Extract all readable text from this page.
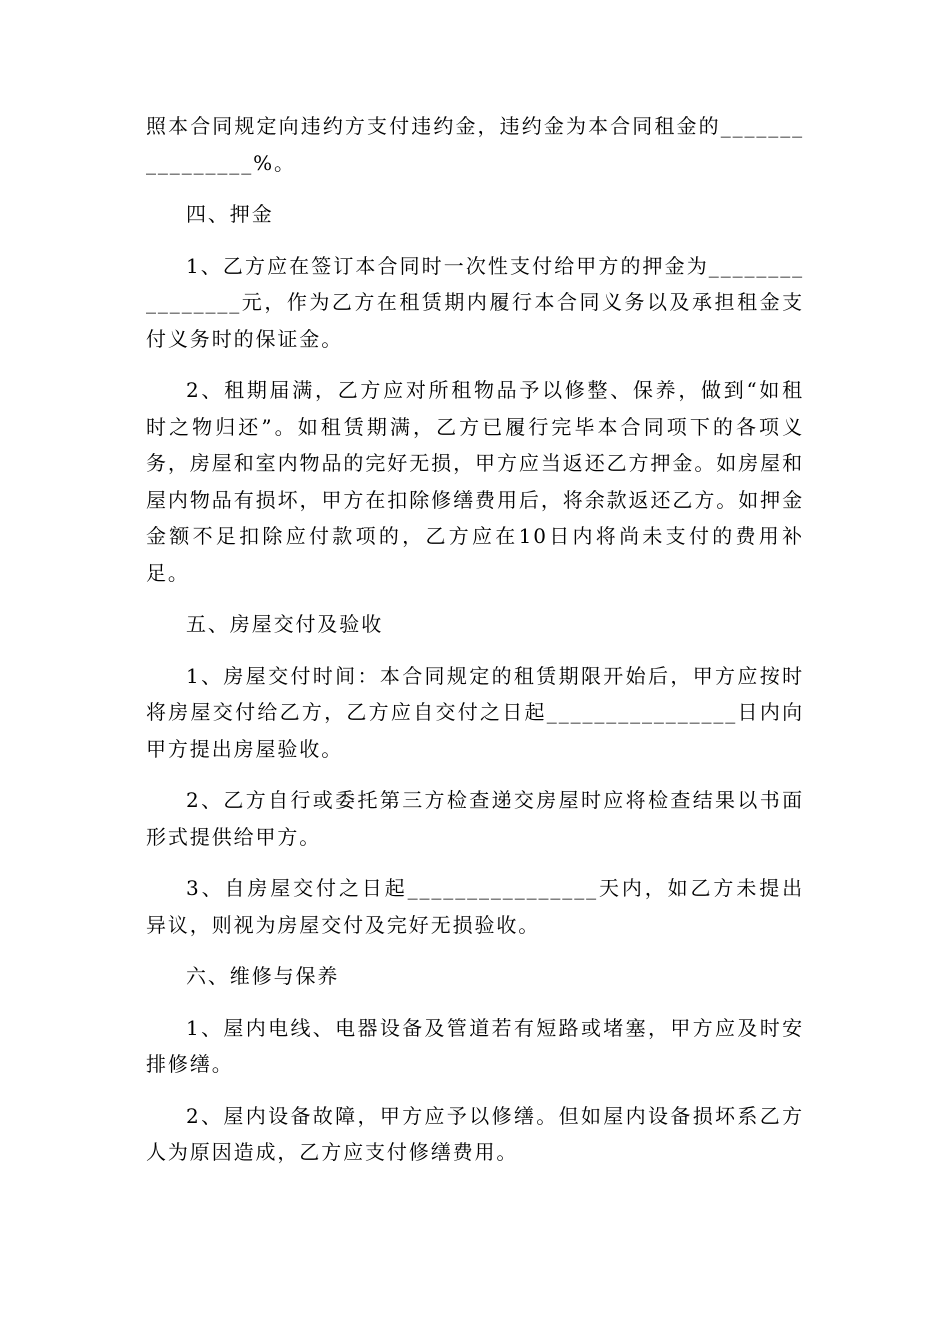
照本合同规定向违约方支付违约金，违约金为本合同租金的________________%。

四、押金

1、乙方应在签订本合同时一次性支付给甲方的押金为________________元，作为乙方在租赁期内履行本合同义务以及承担租金支付义务时的保证金。

2、租期届满，乙方应对所租物品予以修整、保养，做到“如租时之物归还”。如租赁期满，乙方已履行完毕本合同项下的各项义务，房屋和室内物品的完好无损，甲方应当返还乙方押金。如房屋和屋内物品有损坏，甲方在扣除修缮费用后，将余款返还乙方。如押金金额不足扣除应付款项的，乙方应在10日内将尚未支付的费用补足。

五、房屋交付及验收

1、房屋交付时间：本合同规定的租赁期限开始后，甲方应按时将房屋交付给乙方，乙方应自交付之日起________________日内向甲方提出房屋验收。

2、乙方自行或委托第三方检查递交房屋时应将检查结果以书面形式提供给甲方。

3、自房屋交付之日起________________天内，如乙方未提出异议，则视为房屋交付及完好无损验收。

六、维修与保养

1、屋内电线、电器设备及管道若有短路或堵塞，甲方应及时安排修缮。

2、屋内设备故障，甲方应予以修缮。但如屋内设备损坏系乙方人为原因造成，乙方应支付修缮费用。
